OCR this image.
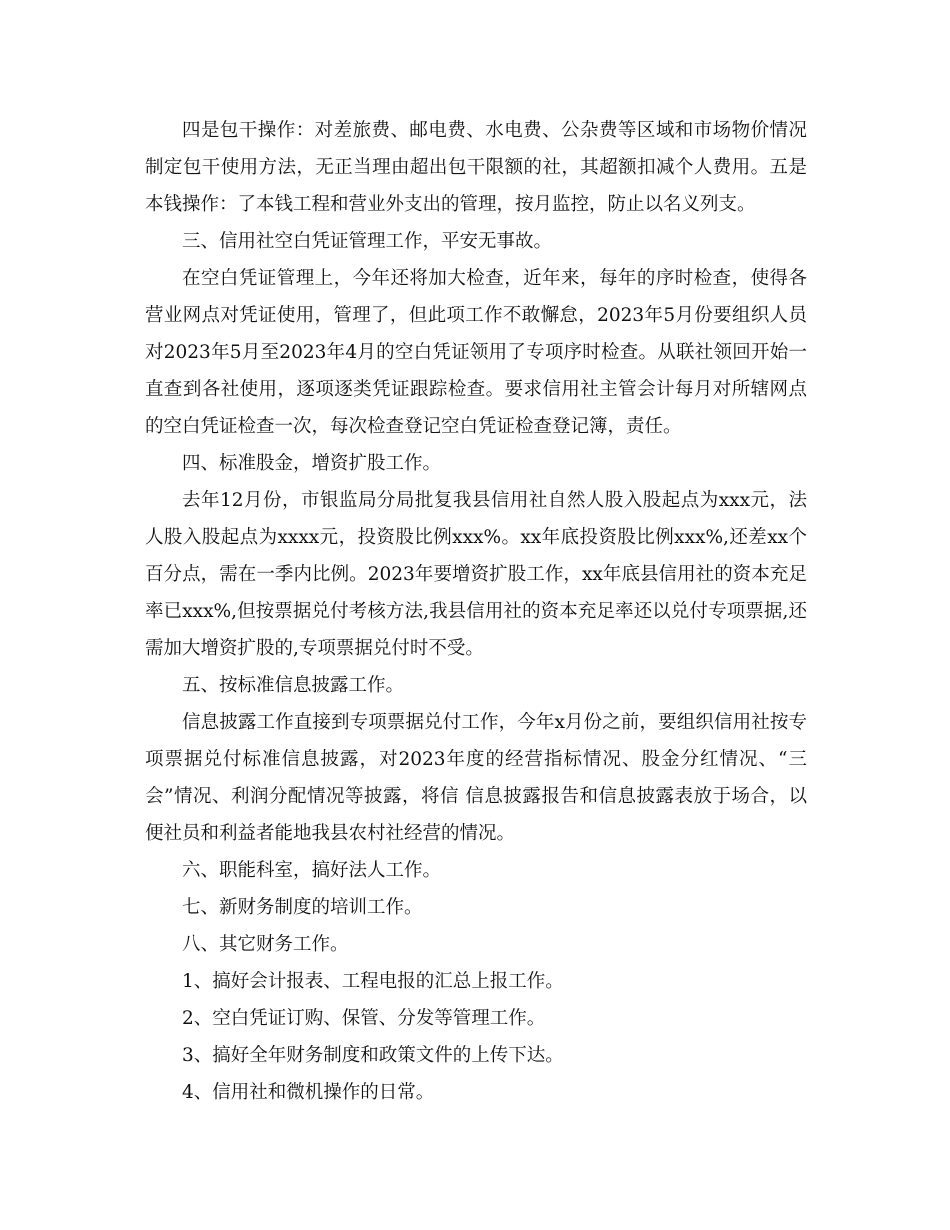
四是包干操作：对差旅费、邮电费、水电费、公杂费等区域和市场物价情况制定包干使用方法，无正当理由超出包干限额的社，其超额扣减个人费用。五是本钱操作：了本钱工程和营业外支出的管理，按月监控，防止以名义列支。

三、信用社空白凭证管理工作，平安无事故。

在空白凭证管理上，今年还将加大检查，近年来，每年的序时检查，使得各营业网点对凭证使用，管理了，但此项工作不敢懈怠，2023年5月份要组织人员对2023年5月至2023年4月的空白凭证领用了专项序时检查。从联社领回开始一直查到各社使用，逐项逐类凭证跟踪检查。要求信用社主管会计每月对所辖网点的空白凭证检查一次，每次检查登记空白凭证检查登记簿，责任。

四、标准股金，增资扩股工作。

去年12月份，市银监局分局批复我县信用社自然人股入股起点为xxx元，法人股入股起点为xxxx元，投资股比例xxx%。xx年底投资股比例xxx%,还差xx个百分点，需在一季内比例。2023年要增资扩股工作，xx年底县信用社的资本充足率已xxx%,但按票据兑付考核方法,我县信用社的资本充足率还以兑付专项票据,还需加大增资扩股的,专项票据兑付时不受。

五、按标准信息披露工作。

信息披露工作直接到专项票据兑付工作，今年x月份之前，要组织信用社按专项票据兑付标准信息披露，对2023年度的经营指标情况、股金分红情况、“三会”情况、利润分配情况等披露，将信 信息披露报告和信息披露表放于场合，以便社员和利益者能地我县农村社经营的情况。

六、职能科室，搞好法人工作。

七、新财务制度的培训工作。

八、其它财务工作。

1、搞好会计报表、工程电报的汇总上报工作。

2、空白凭证订购、保管、分发等管理工作。

3、搞好全年财务制度和政策文件的上传下达。

4、信用社和微机操作的日常。
